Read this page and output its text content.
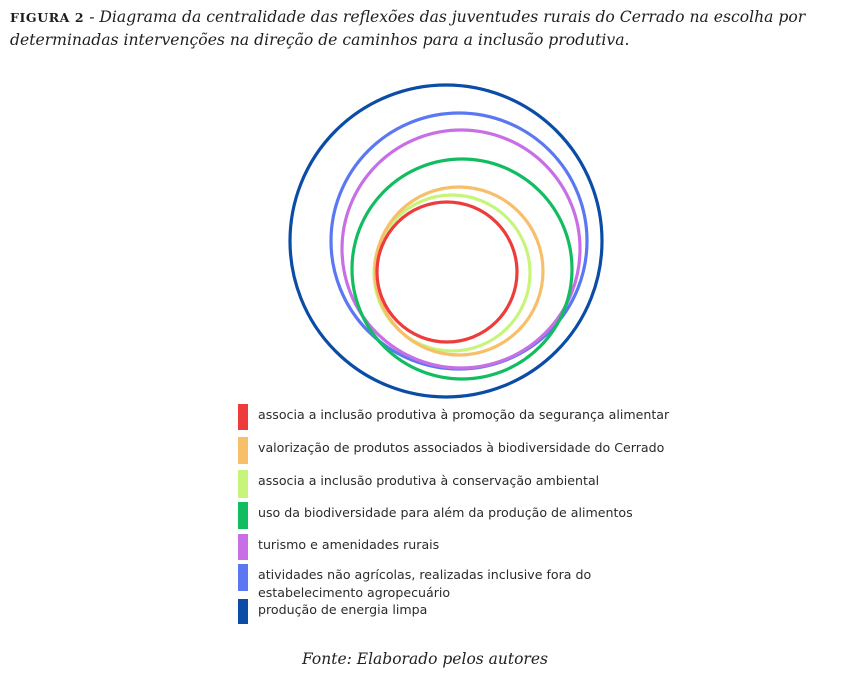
FIGURA 2 - Diagrama da centralidade das reflexões das juventudes rurais do Cerrado na escolha por determinadas intervenções na direção de caminhos para a inclusão produtiva.
associa a inclusão produtiva à promoção da segurança alimentar
valorização de produtos associados à biodiversidade do Cerrado
associa a inclusão produtiva à conservação ambiental
uso da biodiversidade para além da produção de alimentos
turismo e amenidades rurais
atividades não agrícolas, realizadas inclusive fora do estabelecimento agropecuário
produção de energia limpa
Fonte: Elaborado pelos autores
